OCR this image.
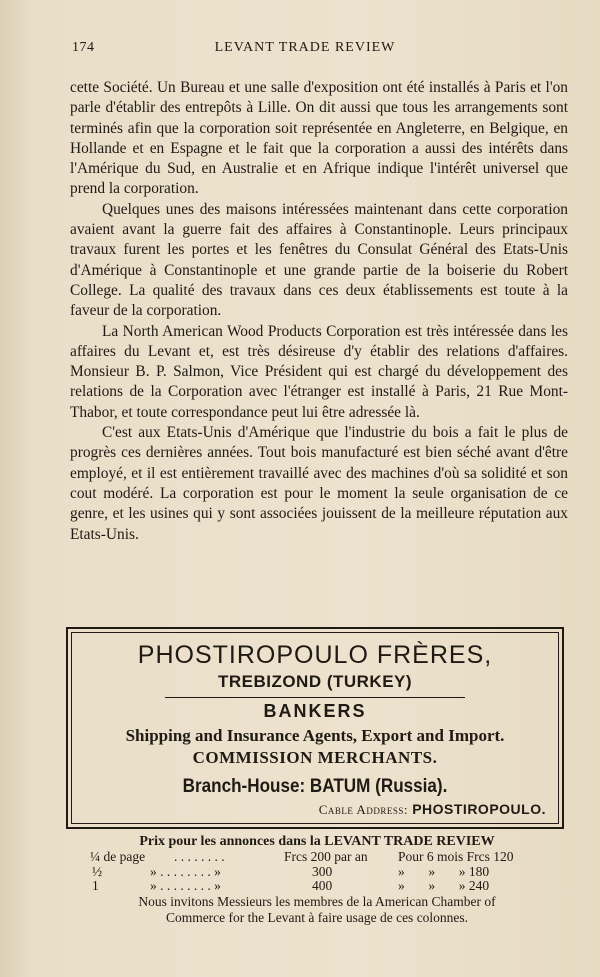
174	LEVANT TRADE REVIEW

cette Société. Un Bureau et une salle d'exposition ont été installés à Paris et l'on parle d'établir des entrepôts à Lille. On dit aussi que tous les arrangements sont terminés afin que la corporation soit représentée en Angleterre, en Belgique, en Hollande et en Espagne et le fait que la corporation a aussi des intérêts dans l'Amérique du Sud, en Australie et en Afrique indique l'intérêt universel que prend la corporation.

Quelques unes des maisons intéressées maintenant dans cette corporation avaient avant la guerre fait des affaires à Constantinople. Leurs principaux travaux furent les portes et les fenêtres du Consulat Général des Etats-Unis d'Amérique à Constantinople et une grande partie de la boiserie du Robert College. La qualité des travaux dans ces deux établissements est toute à la faveur de la corporation.

La North American Wood Products Corporation est très intéressée dans les affaires du Levant et, est très désireuse d'y établir des relations d'affaires. Monsieur B. P. Salmon, Vice Président qui est chargé du développement des relations de la Corporation avec l'étranger est installé à Paris, 21 Rue Mont-Thabor, et toute correspondance peut lui être adressée là.

C'est aux Etats-Unis d'Amérique que l'industrie du bois a fait le plus de progrès ces dernières années. Tout bois manufacturé est bien séché avant d'être employé, et il est entièrement travaillé avec des machines d'où sa solidité et son cout modéré. La corporation est pour le moment la seule organisation de ce genre, et les usines qui y sont associées jouissent de la meilleure réputation aux Etats-Unis.

PHOSTIROPOULO FRÈRES,
TREBIZOND (TURKEY)
BANKERS
Shipping and Insurance Agents, Export and Import.
COMMISSION MERCHANTS.
Branch-House: BATUM (Russia).
Cable Address: PHOSTIROPOULO.
Prix pour les annonces dans la LEVANT TRADE REVIEW
¼ de page . . . . . . . .	Frcs 200 par an Pour 6 mois Frcs 120
½	» . . . . . . . . »	300	»       »       » 180
1	» . . . . . . . . »	400	»       »       » 240
Nous invitons Messieurs les membres de la American Chamber of
Commerce for the Levant à faire usage de ces colonnes.
